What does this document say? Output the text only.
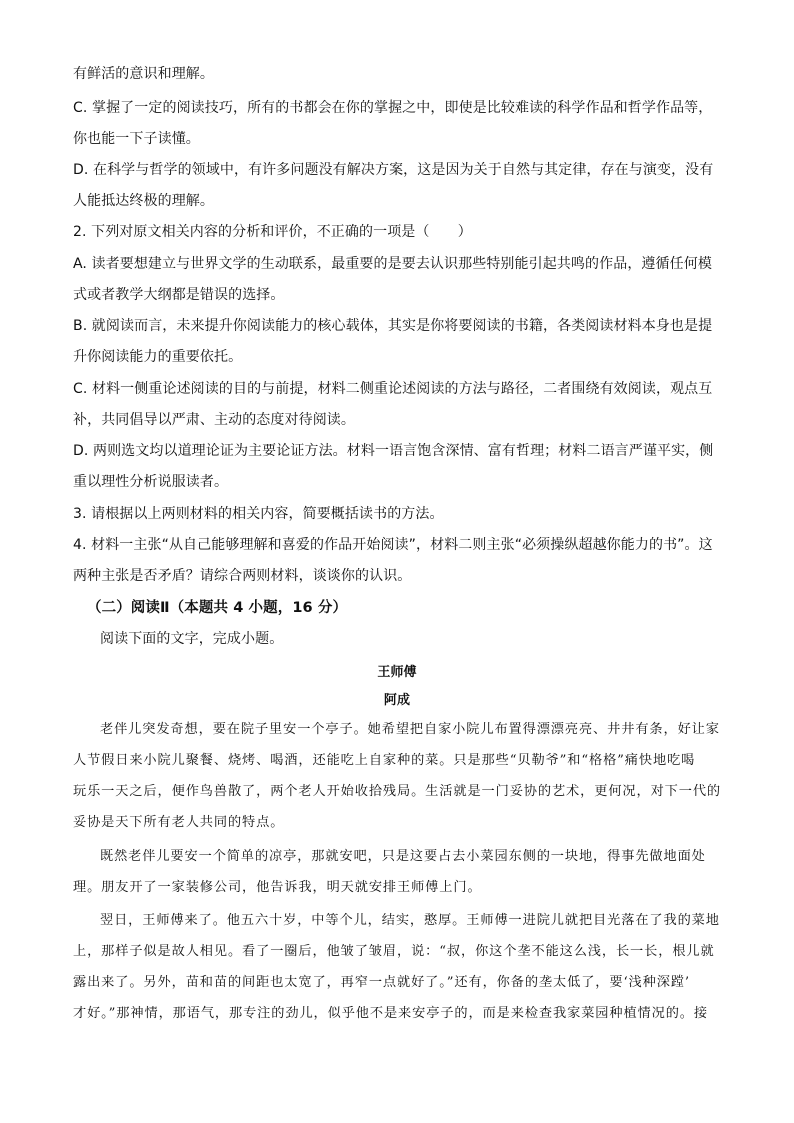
有鲜活的意识和理解。
C. 掌握了一定的阅读技巧，所有的书都会在你的掌握之中，即使是比较难读的科学作品和哲学作品等，
你也能一下子读懂。
D. 在科学与哲学的领域中，有许多问题没有解决方案，这是因为关于自然与其定律，存在与演变，没有
人能抵达终极的理解。
2. 下列对原文相关内容的分析和评价，不正确的一项是（　　）
A. 读者要想建立与世界文学的生动联系，最重要的是要去认识那些特别能引起共鸣的作品，遵循任何模
式或者教学大纲都是错误的选择。
B. 就阅读而言，未来提升你阅读能力的核心载体，其实是你将要阅读的书籍，各类阅读材料本身也是提
升你阅读能力的重要依托。
C. 材料一侧重论述阅读的目的与前提，材料二侧重论述阅读的方法与路径，二者围绕有效阅读，观点互
补，共同倡导以严肃、主动的态度对待阅读。
D. 两则选文均以道理论证为主要论证方法。材料一语言饱含深情、富有哲理；材料二语言严谨平实，侧
重以理性分析说服读者。
3. 请根据以上两则材料的相关内容，简要概括读书的方法。
4. 材料一主张“从自己能够理解和喜爱的作品开始阅读”，材料二则主张“必须操纵超越你能力的书”。这
两种主张是否矛盾？请综合两则材料，谈谈你的认识。
（二）阅读Ⅱ（本题共 4 小题，16 分）
阅读下面的文字，完成小题。
王师傅
阿成
老伴儿突发奇想，要在院子里安一个亭子。她希望把自家小院儿布置得漂漂亮亮、井井有条，好让家
人节假日来小院儿聚餐、烧烤、喝酒，还能吃上自家种的菜。只是那些“贝勒爷”和“格格”痛快地吃喝
玩乐一天之后，便作鸟兽散了，两个老人开始收拾残局。生活就是一门妥协的艺术，更何况，对下一代的
妥协是天下所有老人共同的特点。
既然老伴儿要安一个简单的凉亭，那就安吧，只是这要占去小菜园东侧的一块地，得事先做地面处
理。朋友开了一家装修公司，他告诉我，明天就安排王师傅上门。
翌日，王师傅来了。他五六十岁，中等个儿，结实，憨厚。王师傅一进院儿就把目光落在了我的菜地
上，那样子似是故人相见。看了一圈后，他皱了皱眉，说：“叔，你这个垄不能这么浅，长一长，根儿就
露出来了。另外，苗和苗的间距也太宽了，再窄一点就好了。”还有，你备的垄太低了，要‘浅种深蹚’
才好。”那神情，那语气，那专注的劲儿，似乎他不是来安亭子的，而是来检查我家菜园种植情况的。接
